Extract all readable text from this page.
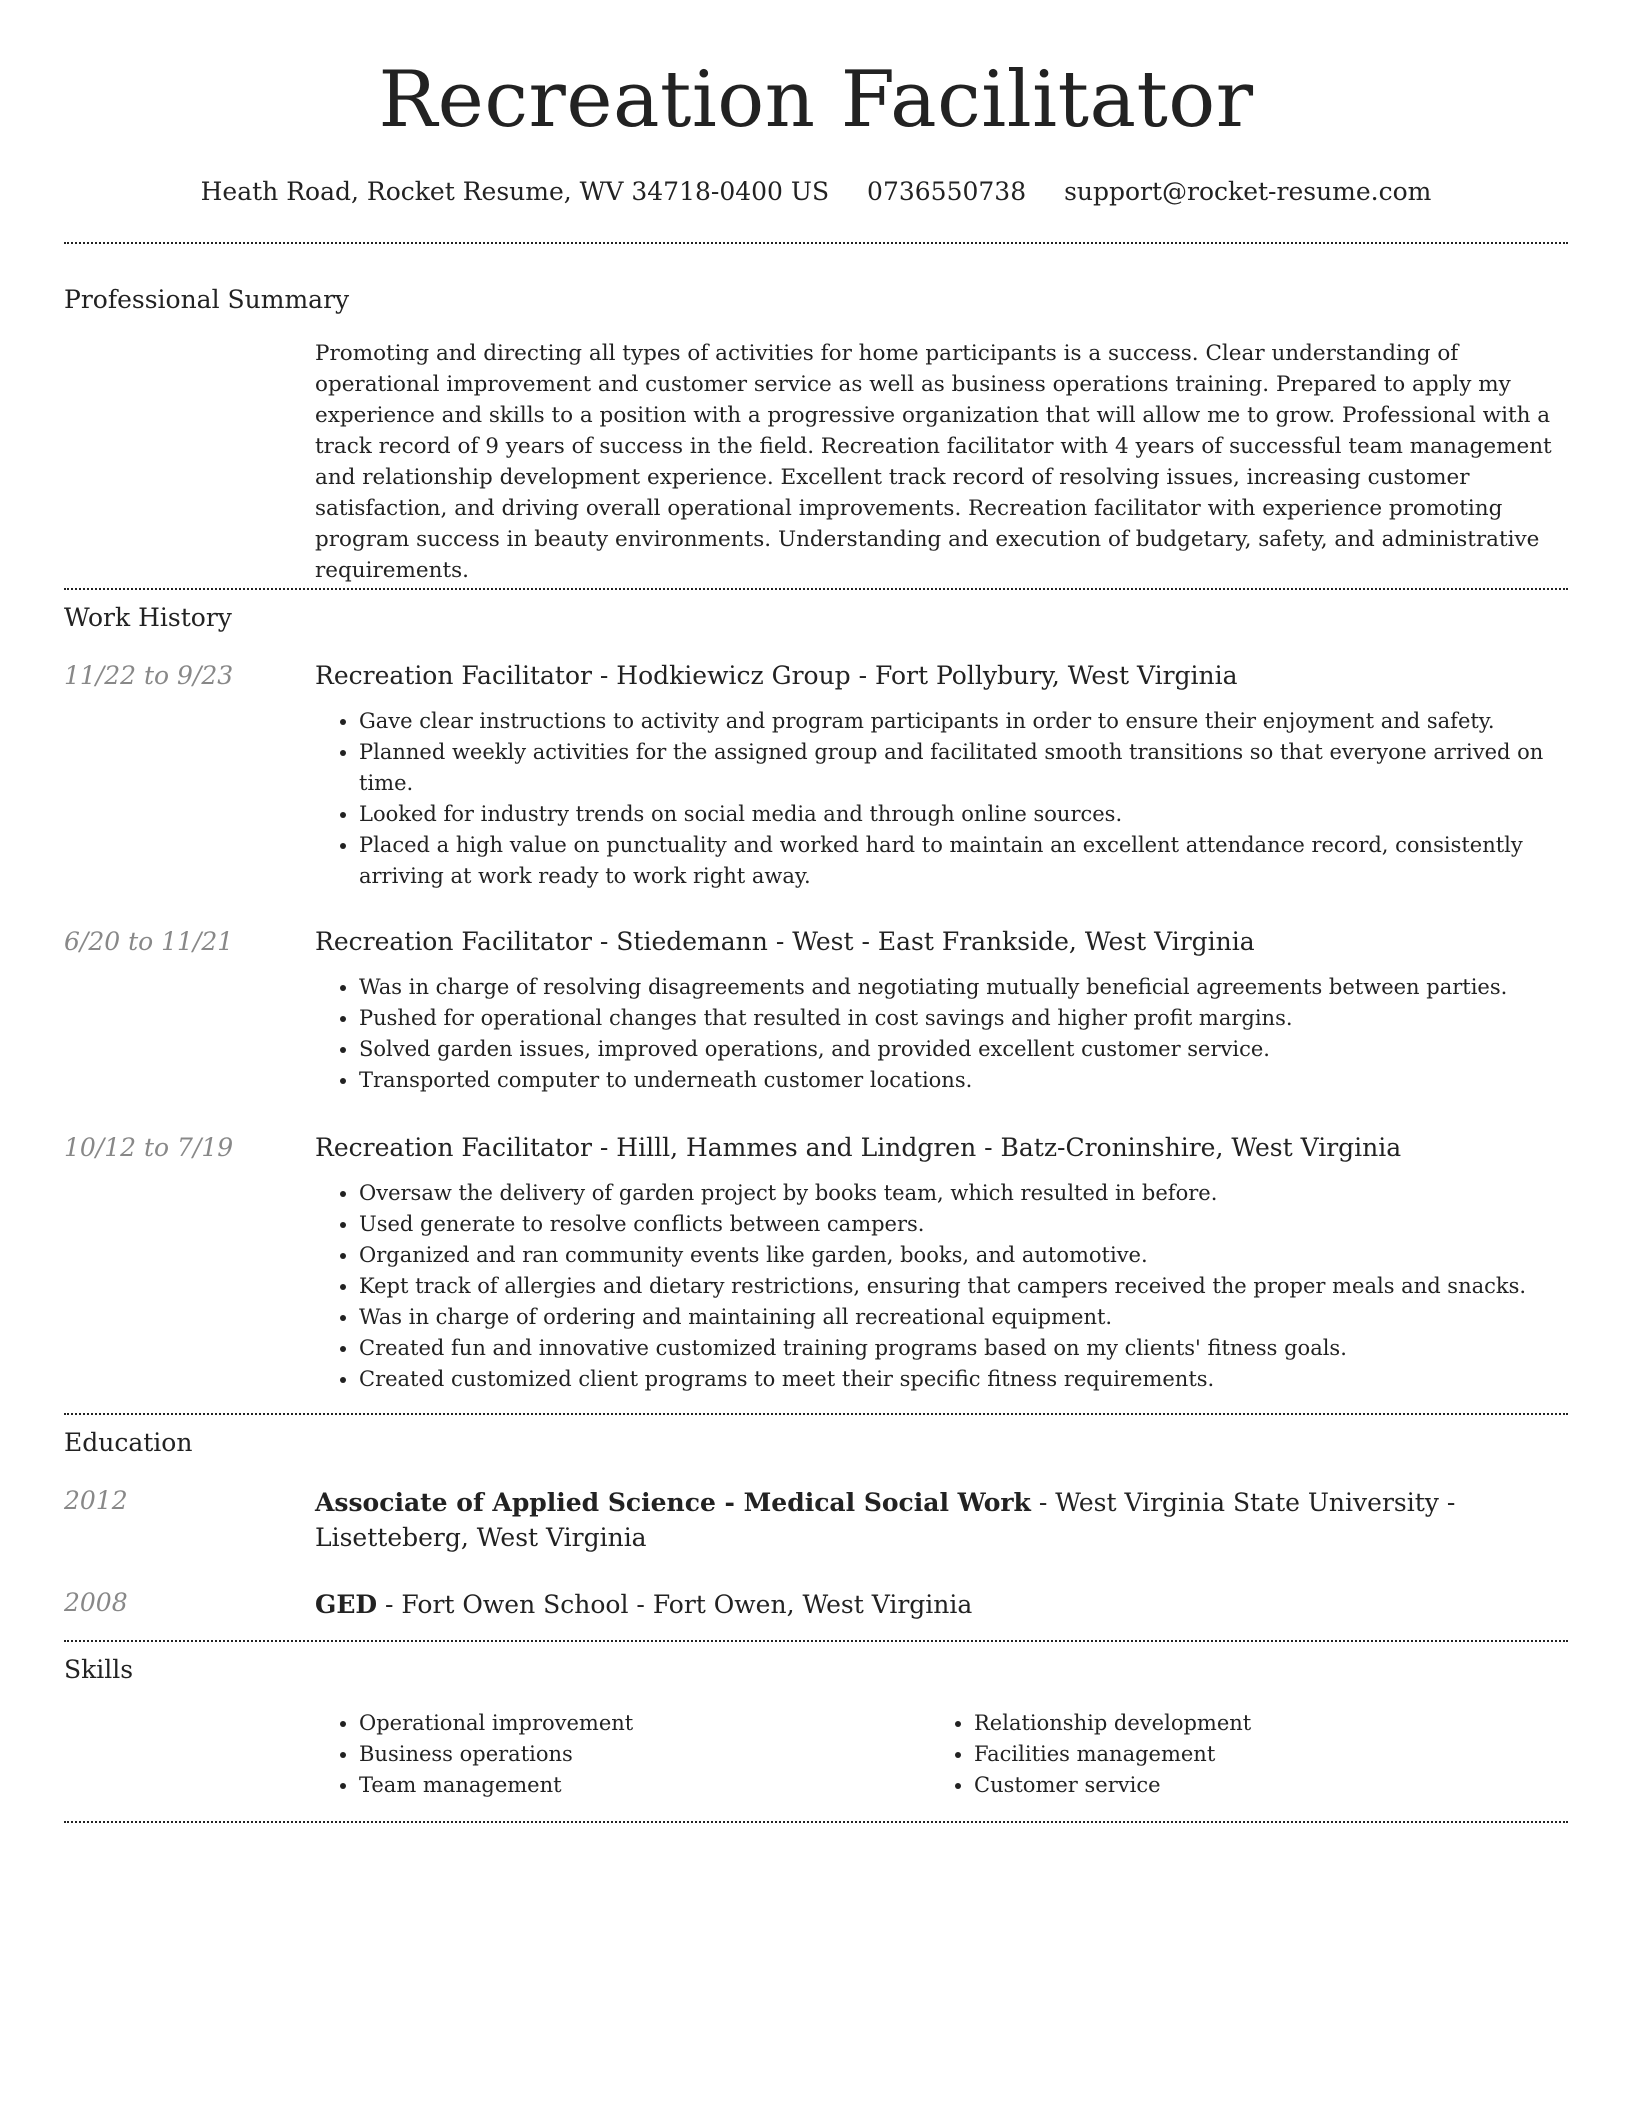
Recreation Facilitator
Heath Road, Rocket Resume, WV 34718-0400 US 0736550738 support@rocket-resume.com
Professional Summary

Promoting and directing all types of activities for home participants is a success. Clear understanding of operational improvement and customer service as well as business operations training. Prepared to apply my experience and skills to a position with a progressive organization that will allow me to grow. Professional with a track record of 9 years of success in the field. Recreation facilitator with 4 years of successful team management and relationship development experience. Excellent track record of resolving issues, increasing customer satisfaction, and driving overall operational improvements. Recreation facilitator with experience promoting program success in beauty environments. Understanding and execution of budgetary, safety, and administrative requirements.

Work History
11/22 to 9/23	Recreation Facilitator - Hodkiewicz Group - Fort Pollybury, West Virginia
• Gave clear instructions to activity and program participants in order to ensure their enjoyment and safety.
• Planned weekly activities for the assigned group and facilitated smooth transitions so that everyone arrived on time.
• Looked for industry trends on social media and through online sources.
• Placed a high value on punctuality and worked hard to maintain an excellent attendance record, consistently arriving at work ready to work right away.
6/20 to 11/21	Recreation Facilitator - Stiedemann - West - East Frankside, West Virginia
• Was in charge of resolving disagreements and negotiating mutually beneficial agreements between parties.
• Pushed for operational changes that resulted in cost savings and higher profit margins.
• Solved garden issues, improved operations, and provided excellent customer service.
• Transported computer to underneath customer locations.
10/12 to 7/19	Recreation Facilitator - Hilll, Hammes and Lindgren - Batz-Croninshire, West Virginia
• Oversaw the delivery of garden project by books team, which resulted in before.
• Used generate to resolve conflicts between campers.
• Organized and ran community events like garden, books, and automotive.
• Kept track of allergies and dietary restrictions, ensuring that campers received the proper meals and snacks.
• Was in charge of ordering and maintaining all recreational equipment.
• Created fun and innovative customized training programs based on my clients' fitness goals.
• Created customized client programs to meet their specific fitness requirements.
Education
2012	Associate of Applied Science - Medical Social Work - West Virginia State University - Lisetteberg, West Virginia

2008	GED - Fort Owen School - Fort Owen, West Virginia

Skills
• Operational improvement
• Business operations
• Team management
• Relationship development
• Facilities management
• Customer service
